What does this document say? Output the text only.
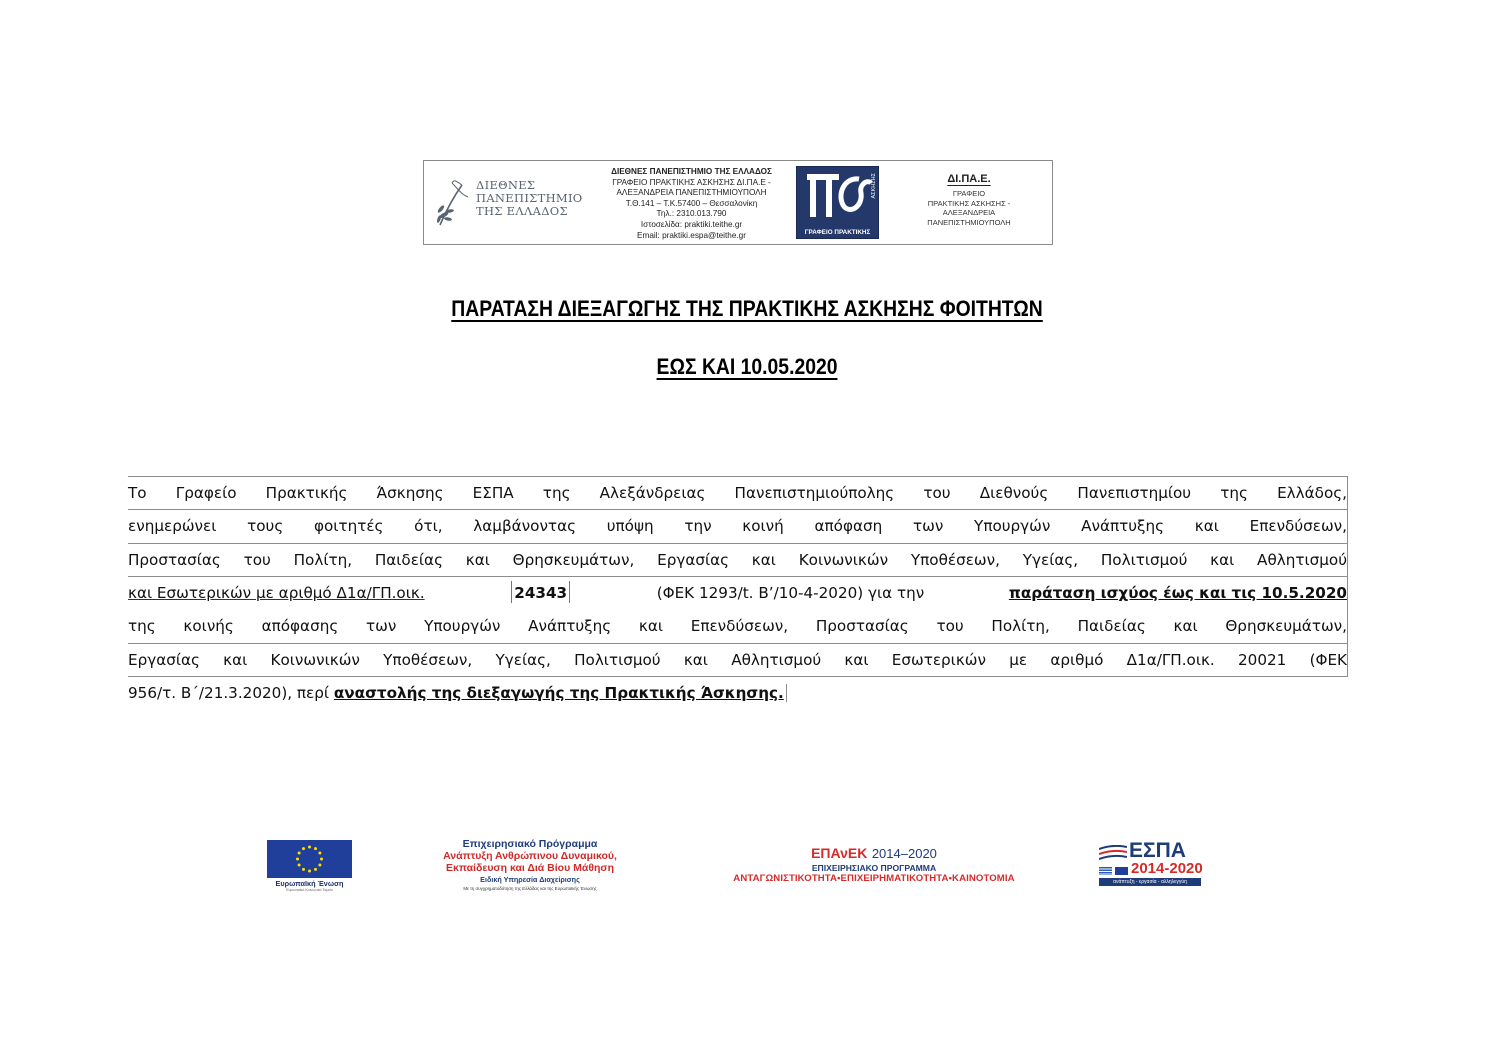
ΔΙΕΘΝΕΣ
ΠΑΝΕΠΙΣΤΗΜΙΟ
ΤΗΣ ΕΛΛΑΔΟΣ
ΔΙΕΘΝΕΣ ΠΑΝΕΠΙΣΤΗΜΙΟ ΤΗΣ ΕΛΛΑΔΟΣ
ΓΡΑΦΕΙΟ ΠΡΑΚΤΙΚΗΣ ΑΣΚΗΣΗΣ ΔΙ.ΠΑ.Ε -
ΑΛΕΞΑΝΔΡΕΙΑ ΠΑΝΕΠΙΣΤΗΜΙΟΥΠΟΛΗ
Τ.Θ.141 – Τ.Κ.57400 – Θεσσαλονίκη
Τηλ.: 2310.013.790
Ιστοσελίδα: praktiki.teithe.gr
Email: praktiki.espa@teithe.gr
ΑΣΚΗΣΗΣ
ΓΡΑΦΕΙΟ ΠΡΑΚΤΙΚΗΣ
ΔΙ.ΠΑ.Ε.
ΓΡΑΦΕΙΟ
ΠΡΑΚΤΙΚΗΣ ΑΣΚΗΣΗΣ -
ΑΛΕΞΑΝΔΡΕΙΑ
ΠΑΝΕΠΙΣΤΗΜΙΟΥΠΟΛΗ
ΠΑΡΑΤΑΣΗ ΔΙΕΞΑΓΩΓΗΣ ΤΗΣ ΠΡΑΚΤΙΚΗΣ ΑΣΚΗΣΗΣ ΦΟΙΤΗΤΩΝ
ΕΩΣ ΚΑΙ 10.05.2020
Το Γραφείο Πρακτικής Άσκησης ΕΣΠΑ της Αλεξάνδρειας Πανεπιστημιούπολης του Διεθνούς Πανεπιστημίου της Ελλάδος,
ενημερώνει τους φοιτητές ότι, λαμβάνοντας υπόψη την κοινή απόφαση των Υπουργών Ανάπτυξης και Επενδύσεων,
Προστασίας του Πολίτη, Παιδείας και Θρησκευμάτων, Εργασίας και Κοινωνικών Υποθέσεων, Υγείας, Πολιτισμού και Αθλητισμού
και Εσωτερικών με αριθμό Δ1α/ΓΠ.οικ.	24343	(ΦΕΚ 1293/t. Β’/10-4-2020) για την	παράταση ισχύος έως και τις 10.5.2020
της κοινής απόφασης των Υπουργών Ανάπτυξης και Επενδύσεων, Προστασίας του Πολίτη, Παιδείας και Θρησκευμάτων,
Εργασίας και Κοινωνικών Υποθέσεων, Υγείας, Πολιτισμού και Αθλητισμού και Εσωτερικών με αριθμό Δ1α/ΓΠ.οικ. 20021 (ΦΕΚ
956/τ. Β΄/21.3.2020), περί αναστολής της διεξαγωγής της Πρακτικής Άσκησης.
Ευρωπαϊκή Ένωση
Ευρωπαϊκό Κοινωνικό Ταμείο
Επιχειρησιακό Πρόγραμμα
Ανάπτυξη Ανθρώπινου Δυναμικού,
Εκπαίδευση και Διά Βίου Μάθηση
Ειδική Υπηρεσία Διαχείρισης
Με τη συγχρηματοδότηση της Ελλάδας και της Ευρωπαϊκής Ένωσης
ΕΠΑνΕΚ 2014–2020
ΕΠΙΧΕΙΡΗΣΙΑΚΟ ΠΡΟΓΡΑΜΜΑ
ΑΝΤΑΓΩΝΙΣΤΙΚΟΤΗΤΑ•ΕΠΙΧΕΙΡΗΜΑΤΙΚΟΤΗΤΑ•ΚΑΙΝΟΤΟΜΙΑ
ΕΣΠΑ
2014-2020
ανάπτυξη - εργασία - αλληλεγγύη
